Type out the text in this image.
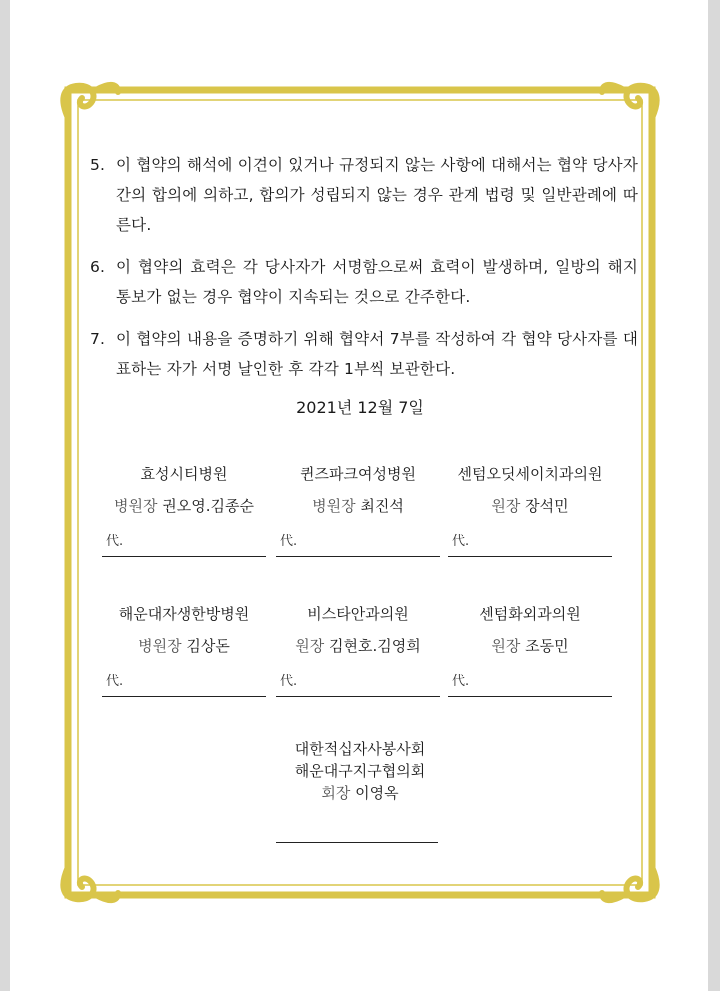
5. 이 협약의 해석에 이견이 있거나 규정되지 않는 사항에 대해서는 협약 당사자 간의 합의에 의하고, 합의가 성립되지 않는 경우 관계 법령 및 일반관례에 따른다.
6. 이 협약의 효력은 각 당사자가 서명함으로써 효력이 발생하며, 일방의 해지 통보가 없는 경우 협약이 지속되는 것으로 간주한다.
7. 이 협약의 내용을 증명하기 위해 협약서 7부를 작성하여 각 협약 당사자를 대표하는 자가 서명 날인한 후 각각 1부씩 보관한다.
2021년 12월 7일
효성시티병원
병원장 권오영.김종순
代.
퀸즈파크여성병원
병원장 최진석
代.
센텀오딧세이치과의원
원장 장석민
代.
해운대자생한방병원
병원장 김상돈
代.
비스타안과의원
원장 김현호.김영희
代.
센텀화외과의원
원장 조동민
代.
대한적십자사봉사회
해운대구지구협의회
회장 이영옥
